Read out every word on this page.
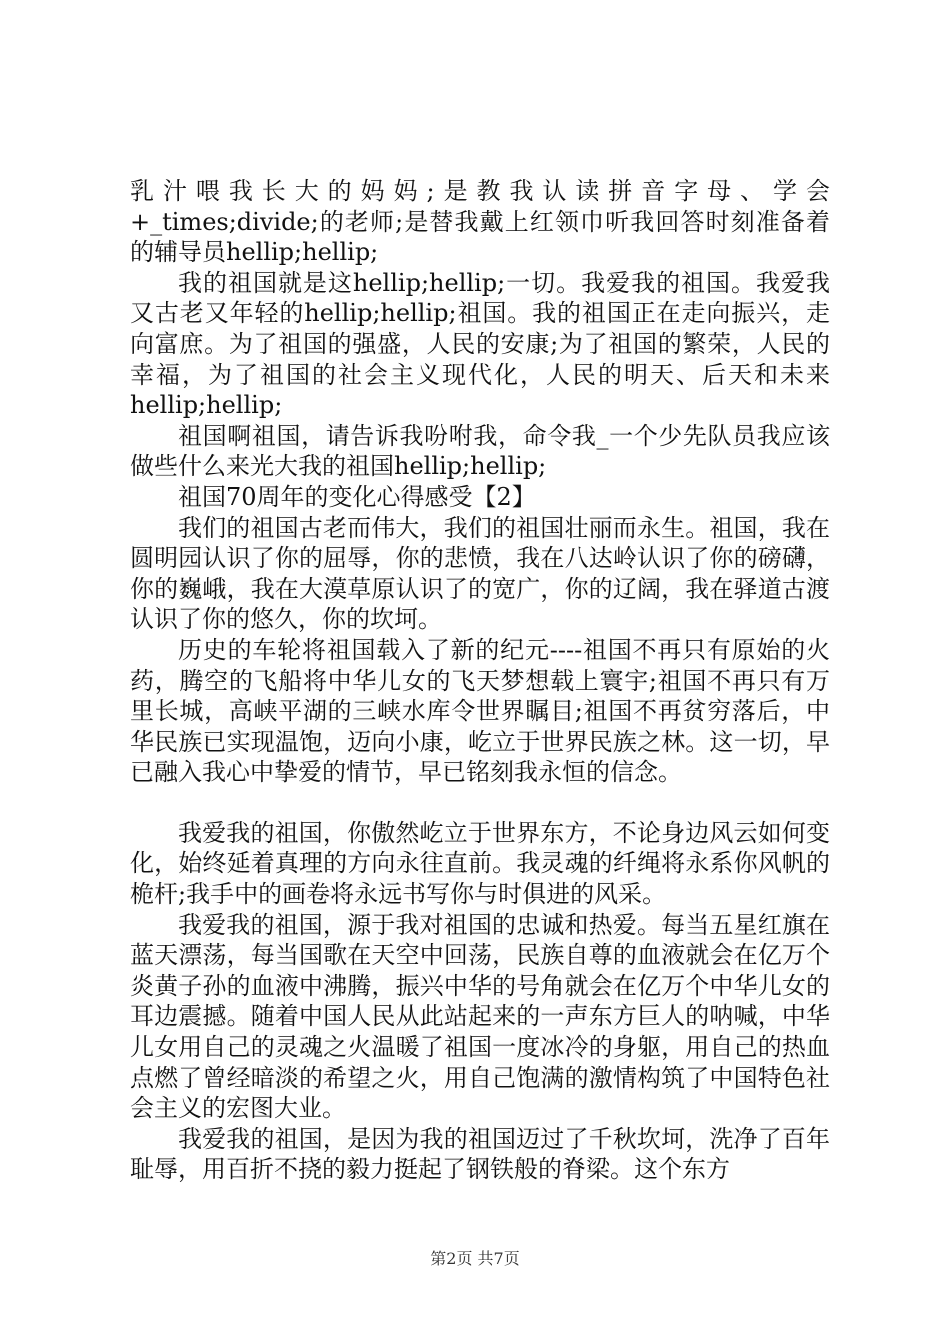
乳汁喂我长大的妈妈;是教我认读拼音字母、学会+_times;divide;的老师;是替我戴上红领巾听我回答时刻准备着的辅导员hellip;hellip;

我的祖国就是这hellip;hellip;一切。我爱我的祖国。我爱我又古老又年轻的hellip;hellip;祖国。我的祖国正在走向振兴，走向富庶。为了祖国的强盛，人民的安康;为了祖国的繁荣，人民的幸福，为了祖国的社会主义现代化，人民的明天、后天和未来hellip;hellip;

祖国啊祖国，请告诉我吩咐我，命令我_一个少先队员我应该做些什么来光大我的祖国hellip;hellip;

祖国70周年的变化心得感受【2】

我们的祖国古老而伟大，我们的祖国壮丽而永生。祖国，我在圆明园认识了你的屈辱，你的悲愤，我在八达岭认识了你的磅礴，你的巍峨，我在大漠草原认识了的宽广，你的辽阔，我在驿道古渡认识了你的悠久，你的坎坷。

历史的车轮将祖国载入了新的纪元----祖国不再只有原始的火药，腾空的飞船将中华儿女的飞天梦想载上寰宇;祖国不再只有万里长城，高峡平湖的三峡水库令世界瞩目;祖国不再贫穷落后，中华民族已实现温饱，迈向小康，屹立于世界民族之林。这一切，早已融入我心中挚爱的情节，早已铭刻我永恒的信念。

我爱我的祖国，你傲然屹立于世界东方，不论身边风云如何变化，始终延着真理的方向永往直前。我灵魂的纤绳将永系你风帆的桅杆;我手中的画卷将永远书写你与时俱进的风采。

我爱我的祖国，源于我对祖国的忠诚和热爱。每当五星红旗在蓝天漂荡，每当国歌在天空中回荡，民族自尊的血液就会在亿万个炎黄子孙的血液中沸腾，振兴中华的号角就会在亿万个中华儿女的耳边震撼。随着中国人民从此站起来的一声东方巨人的呐喊，中华儿女用自己的灵魂之火温暖了祖国一度冰冷的身躯，用自己的热血点燃了曾经暗淡的希望之火，用自己饱满的激情构筑了中国特色社会主义的宏图大业。

我爱我的祖国，是因为我的祖国迈过了千秋坎坷，洗净了百年耻辱，用百折不挠的毅力挺起了钢铁般的脊梁。这个东方

第2页 共7页
